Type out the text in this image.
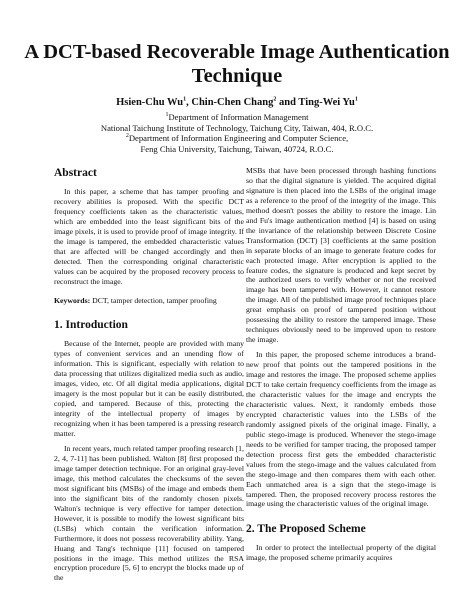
A DCT-based Recoverable Image Authentication
Technique
Hsien-Chu Wu$^1$, Chin-Chen Chang$^2$ and Ting-Wei Yu$^1$
$^1$Department of Information Management
National Taichung Institute of Technology, Taichung City, Taiwan, 404, R.O.C.
$^2$Department of Information Engineering and Computer Science,
Feng Chia University, Taichung, Taiwan, 40724, R.O.C.
Abstract

In this paper, a scheme that has tamper proofing and recovery abilities is proposed. With the specific DCT frequency coefficients taken as the characteristic values, which are embedded into the least significant bits of the image pixels, it is used to provide proof of image integrity. If the image is tampered, the embedded characteristic values that are affected will be changed accordingly and then detected. Then the corresponding original characteristic values can be acquired by the proposed recovery process to reconstruct the image.

Keywords: DCT, tamper detection, tamper proofing

1. Introduction

Because of the Internet, people are provided with many types of convenient services and an unending flow of information. This is significant, especially with relation to data processing that utilizes digitalized media such as audio, images, video, etc. Of all digital media applications, digital imagery is the most popular but it can be easily distributed, copied, and tampered. Because of this, protecting the integrity of the intellectual property of images by recognizing when it has been tampered is a pressing research matter.

In recent years, much related tamper proofing research [1, 2, 4, 7-11] has been published. Walton [8] first proposed the image tamper detection technique. For an original gray-level image, this method calculates the checksums of the seven most significant bits (MSBs) of the image and embeds them into the significant bits of the randomly chosen pixels. Walton's technique is very effective for tamper detection. However, it is possible to modify the lowest significant bits (LSBs) which contain the verification information. Furthermore, it does not possess recoverability ability. Yang, Huang and Tang's technique [11] focused on tampered positions in the image. This method utilizes the RSA encryption procedure [5, 6] to encrypt the blocks made up of the

MSBs that have been processed through hashing functions so that the digital signature is yielded. The acquired digital signature is then placed into the LSBs of the original image as a reference to the proof of the integrity of the image. This method doesn't posses the ability to restore the image. Lin and Fu's image authentication method [4] is based on using the invariance of the relationship between Discrete Cosine Transformation (DCT) [3] coefficients at the same position in separate blocks of an image to generate feature codes for each protected image. After encryption is applied to the feature codes, the signature is produced and kept secret by the authorized users to verify whether or not the received image has been tampered with. However, it cannot restore the image. All of the published image proof techniques place great emphasis on proof of tampered position without possessing the ability to restore the tampered image. These techniques obviously need to be improved upon to restore the image.

In this paper, the proposed scheme introduces a brand-new proof that points out the tampered positions in the image and restores the image. The proposed scheme applies DCT to take certain frequency coefficients from the image as the characteristic values for the image and encrypts the characteristic values. Next, it randomly embeds those encrypted characteristic values into the LSBs of the randomly assigned pixels of the original image. Finally, a public stego-image is produced. Whenever the stego-image needs to be verified for tamper tracing, the proposed tamper detection process first gets the embedded characteristic values from the stego-image and the values calculated from the stego-image and then compares them with each other. Each unmatched area is a sign that the stego-image is tampered. Then, the proposed recovery process restores the image using the characteristic values of the original image.

2. The Proposed Scheme

In order to protect the intellectual property of the digital image, the proposed scheme primarily acquires
